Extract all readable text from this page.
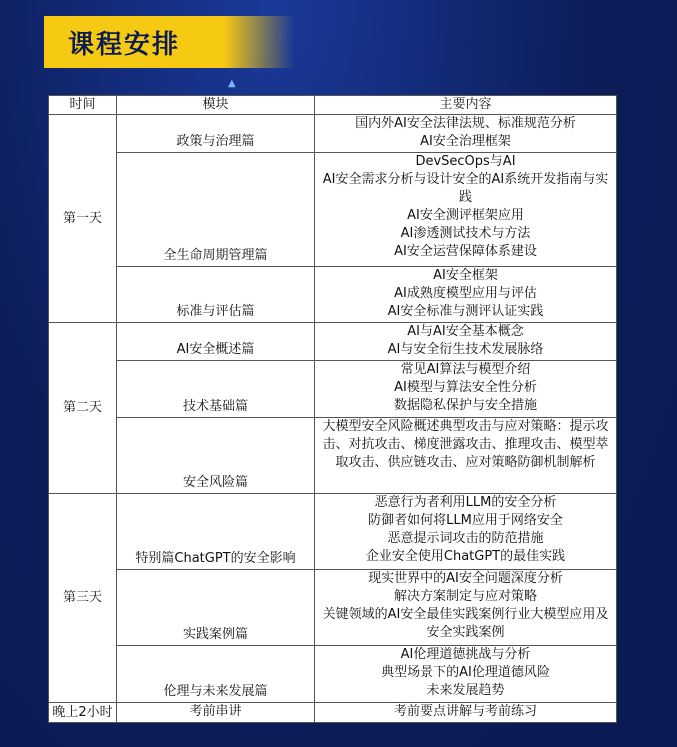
课程安排
▲
时间	模块	主要内容
第一天	政策与治理篇	国内外AI安全法律法规、标准规范分析
AI安全治理框架

	全生命周期管理篇	DevSecOps与AI
AI安全需求分析与设计安全的AI系统开发指南与实践
AI安全测评框架应用
AI渗透测试技术与方法
AI安全运营保障体系建设

	标准与评估篇	AI安全框架
AI成熟度模型应用与评估
AI安全标准与测评认证实践

第二天	AI安全概述篇	AI与AI安全基本概念
AI与安全衍生技术发展脉络

	技术基础篇	常见AI算法与模型介绍
AI模型与算法安全性分析
数据隐私保护与安全措施

	安全风险篇	大模型安全风险概述典型攻击与应对策略：提示攻击、对抗攻击、梯度泄露攻击、推理攻击、模型萃取攻击、供应链攻击、应对策略防御机制解析

第三天	特别篇ChatGPT的安全影响	恶意行为者利用LLM的安全分析
防御者如何将LLM应用于网络安全
恶意提示词攻击的防范措施
企业安全使用ChatGPT的最佳实践

	实践案例篇	现实世界中的AI安全问题深度分析
解决方案制定与应对策略
关键领域的AI安全最佳实践案例行业大模型应用及安全实践案例

	伦理与未来发展篇	AI伦理道德挑战与分析
典型场景下的AI伦理道德风险
未来发展趋势

晚上2小时	考前串讲	考前要点讲解与考前练习
